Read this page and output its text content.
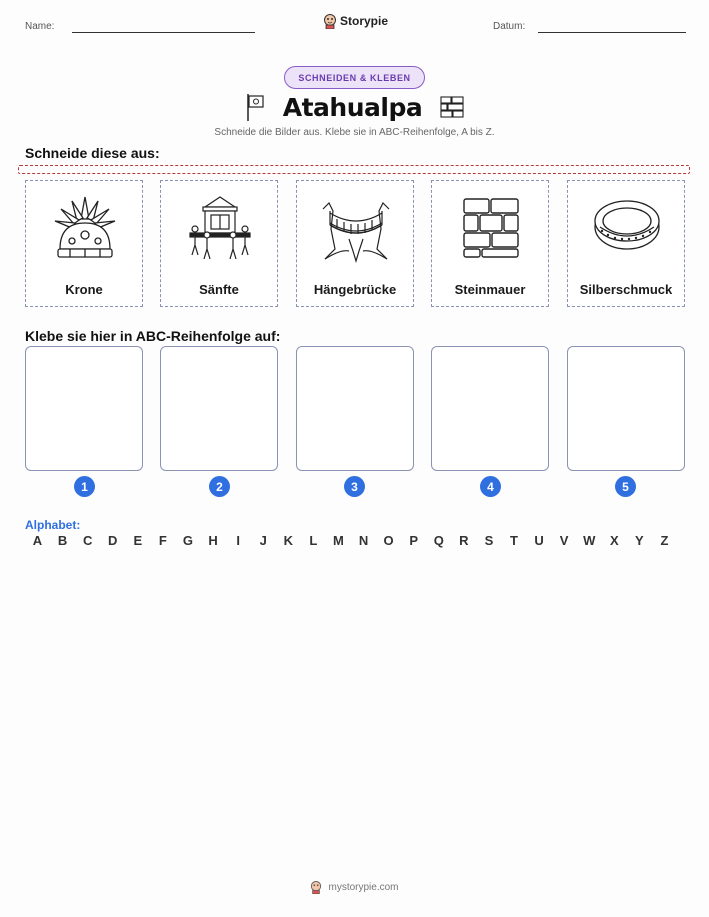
Name:	Storypie	Datum:
SCHNEIDEN & KLEBEN
Atahualpa
Schneide die Bilder aus. Klebe sie in ABC-Reihenfolge, A bis Z.
Schneide diese aus:
Krone	Sänfte	Hängebrücke	Steinmauer	Silberschmuck
Klebe sie hier in ABC-Reihenfolge auf:
1	2	3	4	5
Alphabet:
A	B	C	D	E	F	G	H	I	J	K	L	M	N	O	P	Q	R	S	T	U	V	W	X	Y	Z
mystorypie.com
